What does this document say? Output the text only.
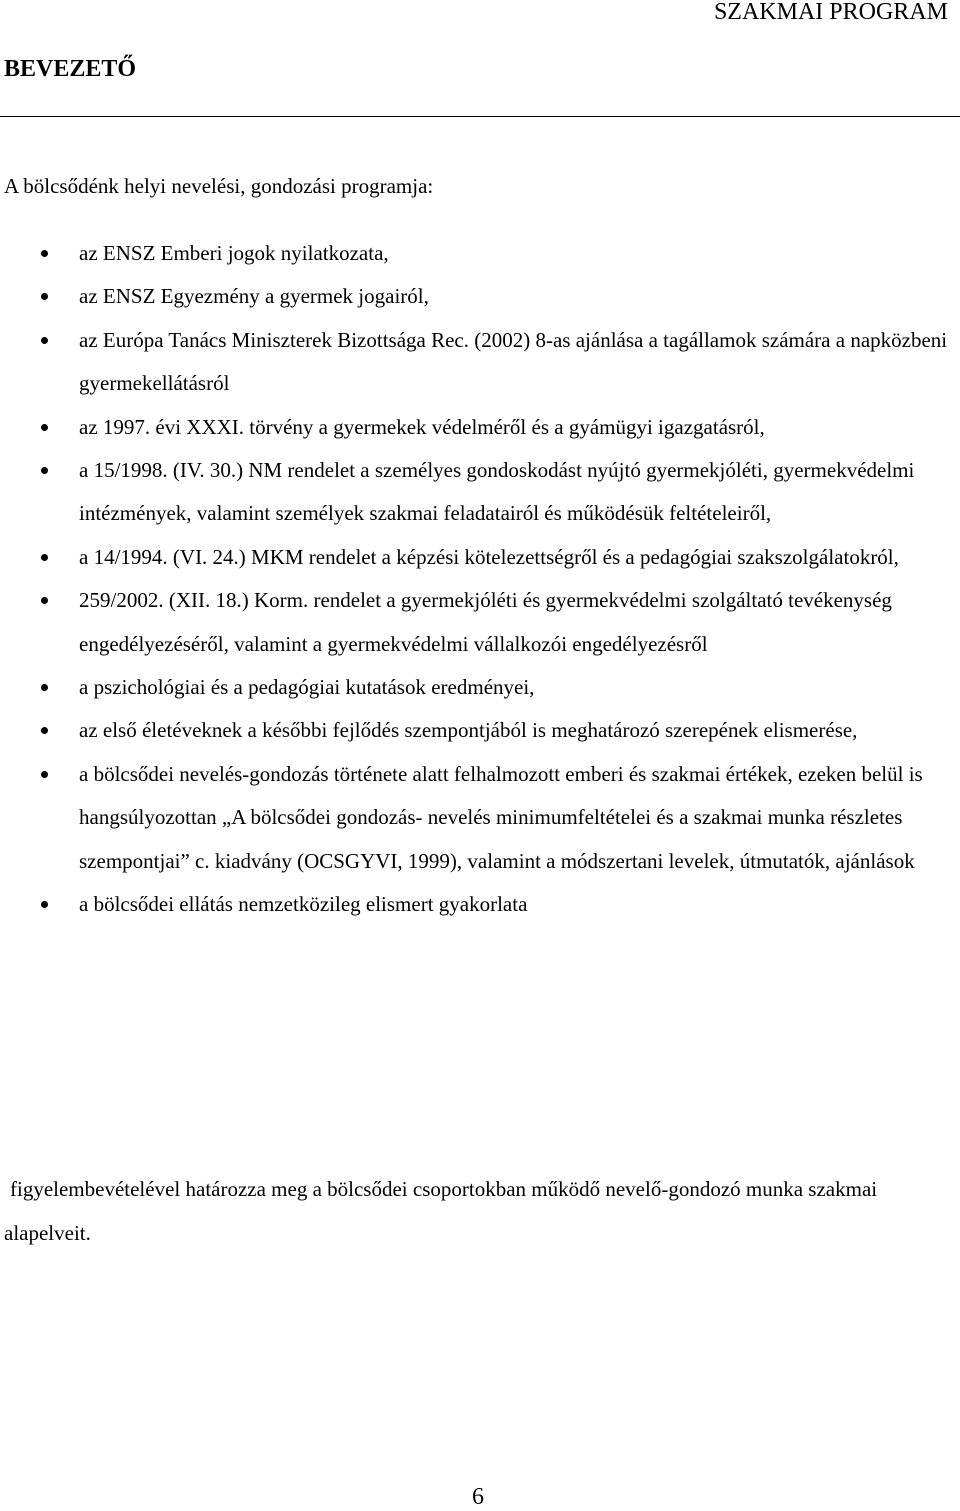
SZAKMAI PROGRAM
BEVEZETŐ

A bölcsődénk helyi nevelési, gondozási programja:

az ENSZ Emberi jogok nyilatkozata,
az ENSZ Egyezmény a gyermek jogairól,
az Európa Tanács Miniszterek Bizottsága Rec. (2002) 8-as ajánlása a tagállamok számára a napközbeni gyermekellátásról
az 1997. évi XXXI. törvény a gyermekek védelméről és a gyámügyi igazgatásról,
a 15/1998. (IV. 30.) NM rendelet a személyes gondoskodást nyújtó gyermekjóléti, gyermekvédelmi intézmények, valamint személyek szakmai feladatairól és működésük feltételeiről,
a 14/1994. (VI. 24.) MKM rendelet a képzési kötelezettségről és a pedagógiai szakszolgálatokról,
259/2002. (XII. 18.) Korm. rendelet a gyermekjóléti és gyermekvédelmi szolgáltató tevékenység engedélyezéséről, valamint a gyermekvédelmi vállalkozói engedélyezésről
a pszichológiai és a pedagógiai kutatások eredményei,
az első életéveknek a későbbi fejlődés szempontjából is meghatározó szerepének elismerése,
a bölcsődei nevelés-gondozás története alatt felhalmozott emberi és szakmai értékek, ezeken belül is hangsúlyozottan „A bölcsődei gondozás- nevelés minimumfeltételei és a szakmai munka részletes szempontjai” c. kiadvány (OCSGYVI, 1999), valamint a módszertani levelek, útmutatók, ajánlások
a bölcsődei ellátás nemzetközileg elismert gyakorlata

figyelembevételével határozza meg a bölcsődei csoportokban működő nevelő-gondozó munka szakmai alapelveit.

6
